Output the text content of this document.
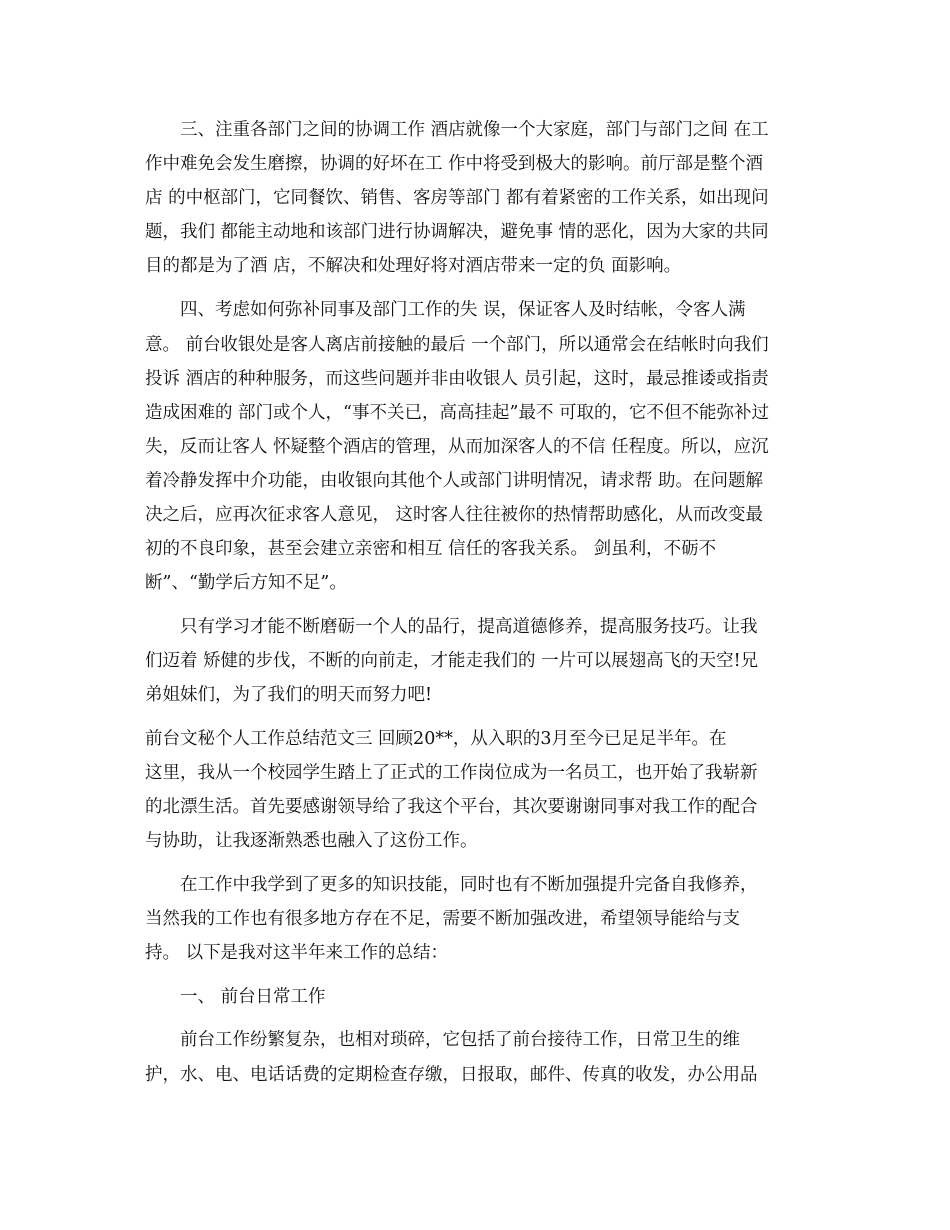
三、注重各部门之间的协调工作 酒店就像一个大家庭，部门与部门之间 在工
作中难免会发生磨擦，协调的好坏在工 作中将受到极大的影响。前厅部是整个酒
店 的中枢部门，它同餐饮、销售、客房等部门 都有着紧密的工作关系，如出现问
题，我们 都能主动地和该部门进行协调解决，避免事 情的恶化，因为大家的共同
目的都是为了酒 店，不解决和处理好将对酒店带来一定的负 面影响。
四、考虑如何弥补同事及部门工作的失 误，保证客人及时结帐，令客人满
意。 前台收银处是客人离店前接触的最后 一个部门，所以通常会在结帐时向我们
投诉 酒店的种种服务，而这些问题并非由收银人 员引起，这时，最忌推诿或指责
造成困难的 部门或个人，“事不关已，高高挂起”最不 可取的，它不但不能弥补过
失，反而让客人 怀疑整个酒店的管理，从而加深客人的不信 任程度。所以，应沉
着冷静发挥中介功能，由收银向其他个人或部门讲明情况，请求帮 助。在问题解
决之后，应再次征求客人意见， 这时客人往往被你的热情帮助感化，从而改变最
初的不良印象，甚至会建立亲密和相互 信任的客我关系。 剑虽利，不砺不
断”、“勤学后方知不足”。
只有学习才能不断磨砺一个人的品行，提高道德修养，提高服务技巧。让我
们迈着 矫健的步伐，不断的向前走，才能走我们的 一片可以展翅高飞的天空!兄
弟姐妹们，为了我们的明天而努力吧!
前台文秘个人工作总结范文三 回顾20**，从入职的3月至今已足足半年。在
这里，我从一个校园学生踏上了正式的工作岗位成为一名员工，也开始了我崭新
的北漂生活。首先要感谢领导给了我这个平台，其次要谢谢同事对我工作的配合
与协助，让我逐渐熟悉也融入了这份工作。
在工作中我学到了更多的知识技能，同时也有不断加强提升完备自我修养，
当然我的工作也有很多地方存在不足，需要不断加强改进，希望领导能给与支
持。 以下是我对这半年来工作的总结：
一、 前台日常工作
前台工作纷繁复杂，也相对琐碎，它包括了前台接待工作，日常卫生的维
护，水、电、电话话费的定期检查存缴，日报取，邮件、传真的收发，办公用品
